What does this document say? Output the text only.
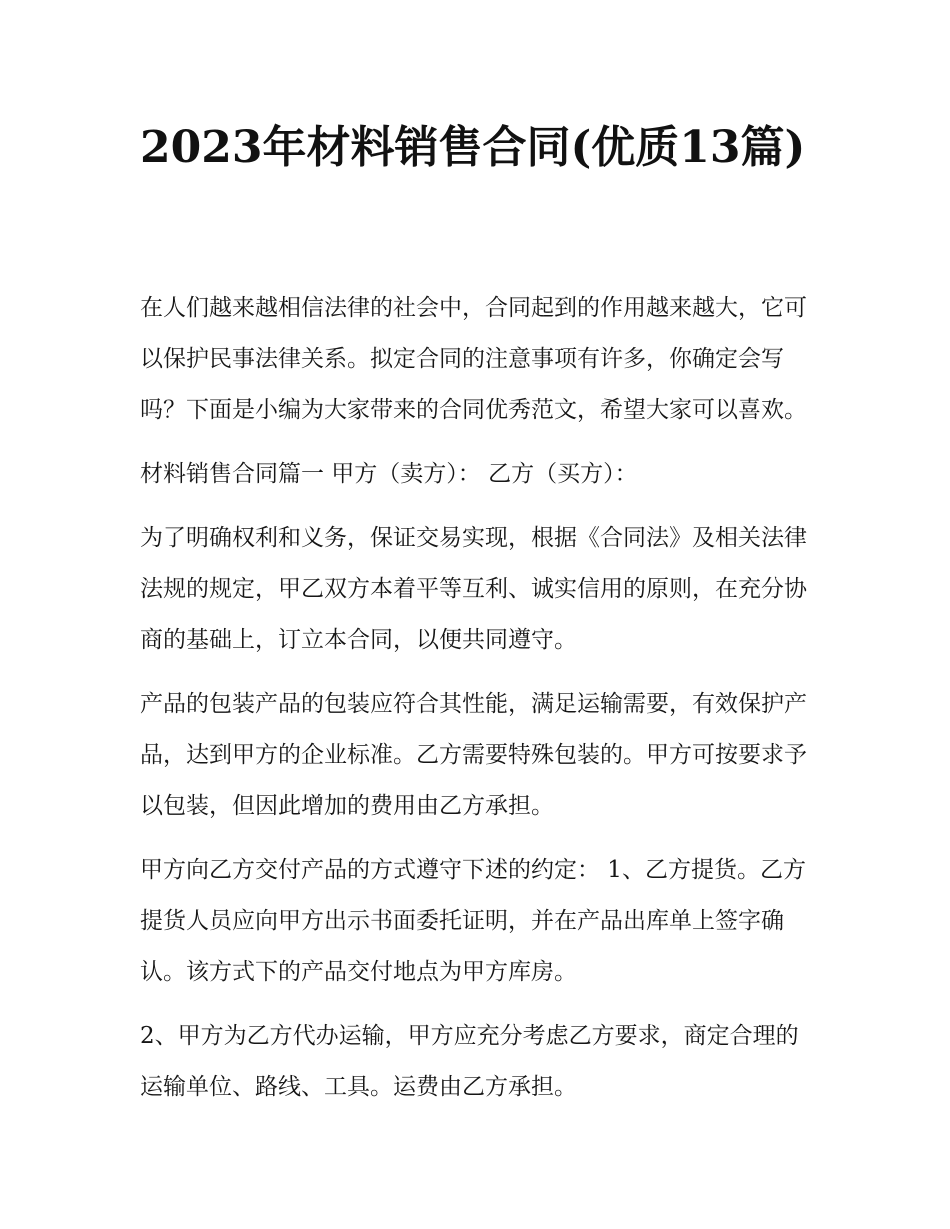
2023年材料销售合同(优质13篇)

在人们越来越相信法律的社会中，合同起到的作用越来越大，它可以保护民事法律关系。拟定合同的注意事项有许多，你确定会写吗？下面是小编为大家带来的合同优秀范文，希望大家可以喜欢。

材料销售合同篇一 甲方（卖方）： 乙方（买方）：

为了明确权利和义务，保证交易实现，根据《合同法》及相关法律法规的规定，甲乙双方本着平等互利、诚实信用的原则，在充分协商的基础上，订立本合同，以便共同遵守。

产品的包装产品的包装应符合其性能，满足运输需要，有效保护产品，达到甲方的企业标准。乙方需要特殊包装的。甲方可按要求予以包装，但因此增加的费用由乙方承担。

甲方向乙方交付产品的方式遵守下述的约定： 1、乙方提货。乙方提货人员应向甲方出示书面委托证明，并在产品出库单上签字确认。该方式下的产品交付地点为甲方库房。

2、甲方为乙方代办运输，甲方应充分考虑乙方要求，商定合理的运输单位、路线、工具。运费由乙方承担。
